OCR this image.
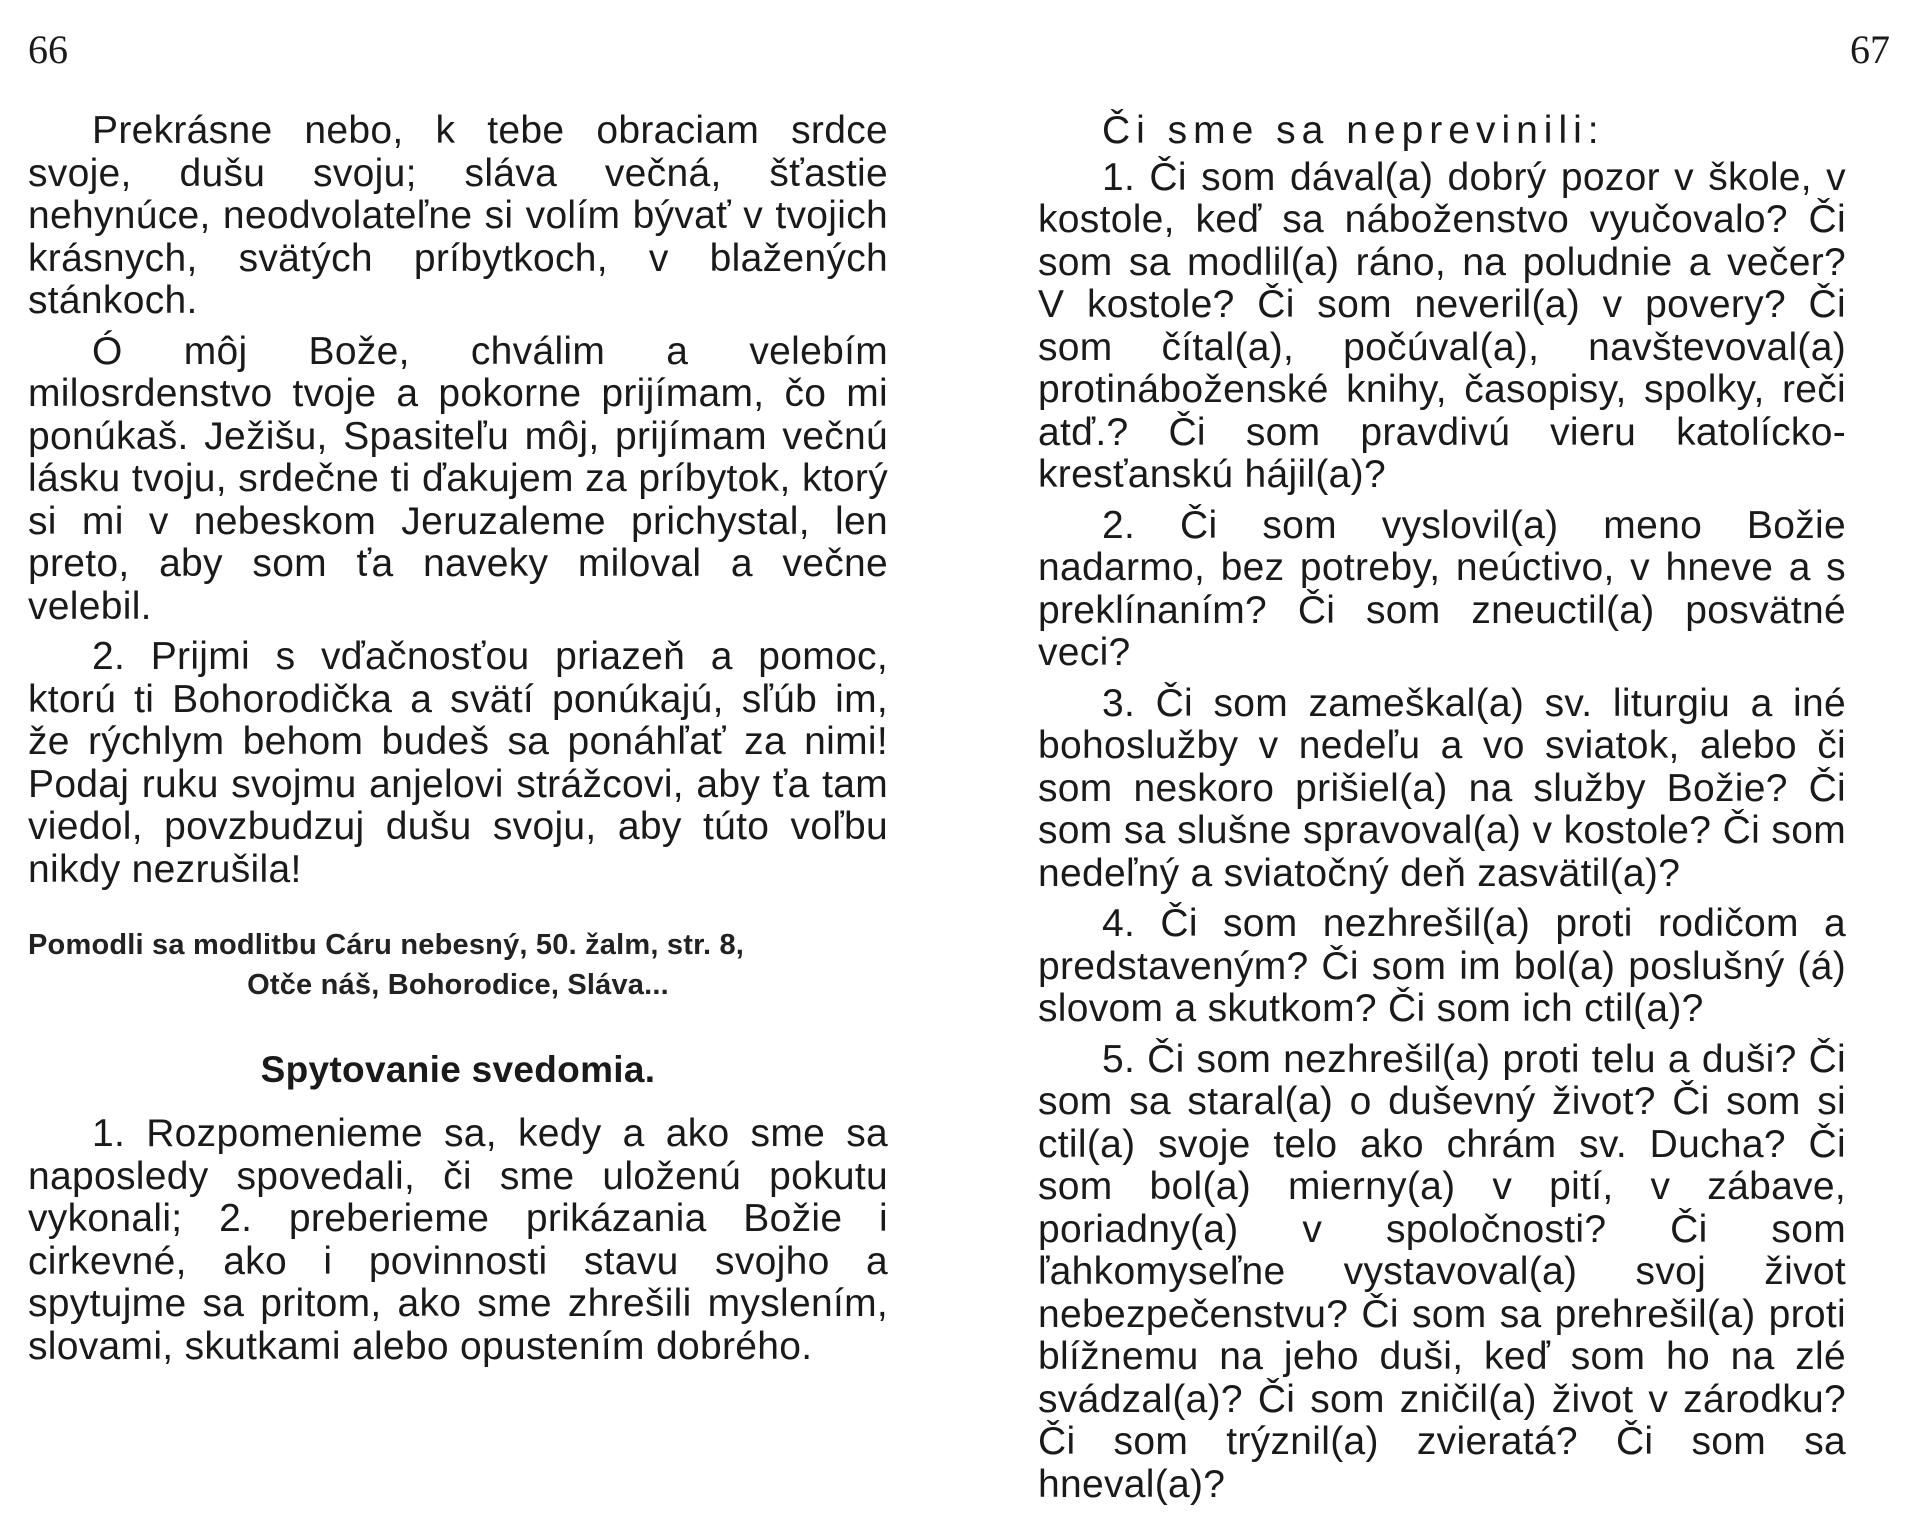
66

Prekrásne nebo, k tebe obraciam srdce svoje, dušu svoju; sláva večná, šťastie nehynúce, neodvolateľne si volím bývať v tvojich krásnych, svätých príbytkoch, v blažených stánkoch.

Ó môj Bože, chválim a velebím milosrdenstvo tvoje a pokorne prijímam, čo mi ponúkaš. Ježišu, Spasiteľu môj, prijímam večnú lásku tvoju, srdečne ti ďakujem za príbytok, ktorý si mi v nebeskom Jeruzaleme prichystal, len preto, aby som ťa naveky miloval a večne velebil.

2. Prijmi s vďačnosťou priazeň a pomoc, ktorú ti Bohorodička a svätí ponúkajú, sľúb im, že rýchlym behom budeš sa ponáhľať za nimi! Podaj ruku svojmu anjelovi strážcovi, aby ťa tam viedol, povzbudzuj dušu svoju, aby túto voľbu nikdy nezrušila!

Pomodli sa modlitbu Cáru nebesný, 50. žalm, str. 8,
Otče náš, Bohorodice, Sláva...
Spytovanie svedomia.

1. Rozpomenieme sa, kedy a ako sme sa naposledy spovedali, či sme uloženú pokutu vykonali; 2. preberieme prikázania Božie i cirkevné, ako i povinnosti stavu svojho a spytujme sa pritom, ako sme zhrešili myslením, slovami, skutkami alebo opustením dobrého.

67

Či sme sa neprevinili:

1. Či som dával(a) dobrý pozor v škole, v kostole, keď sa náboženstvo vyučovalo? Či som sa modlil(a) ráno, na poludnie a večer? V kostole? Či som neveril(a) v povery? Či som čítal(a), počúval(a), navštevoval(a) protináboženské knihy, časopisy, spolky, reči atď.? Či som pravdivú vieru katolícko-kresťanskú hájil(a)?

2. Či som vyslovil(a) meno Božie nadarmo, bez potreby, neúctivo, v hneve a s preklínaním? Či som zneuctil(a) posvätné veci?

3. Či som zameškal(a) sv. liturgiu a iné bohoslužby v nedeľu a vo sviatok, alebo či som neskoro prišiel(a) na služby Božie? Či som sa slušne spravoval(a) v kostole? Či som nedeľný a sviatočný deň zasvätil(a)?

4. Či som nezhrešil(a) proti rodičom a predstaveným? Či som im bol(a) poslušný (á) slovom a skutkom? Či som ich ctil(a)?

5. Či som nezhrešil(a) proti telu a duši? Či som sa staral(a) o duševný život? Či som si ctil(a) svoje telo ako chrám sv. Ducha? Či som bol(a) mierny(a) v pití, v zábave, poriadny(a) v spoločnosti? Či som ľahkomyseľne vystavoval(a) svoj život nebezpečenstvu? Či som sa prehrešil(a) proti blížnemu na jeho duši, keď som ho na zlé svádzal(a)? Či som zničil(a) život v zárodku? Či som trýznil(a) zvieratá? Či som sa hneval(a)?
